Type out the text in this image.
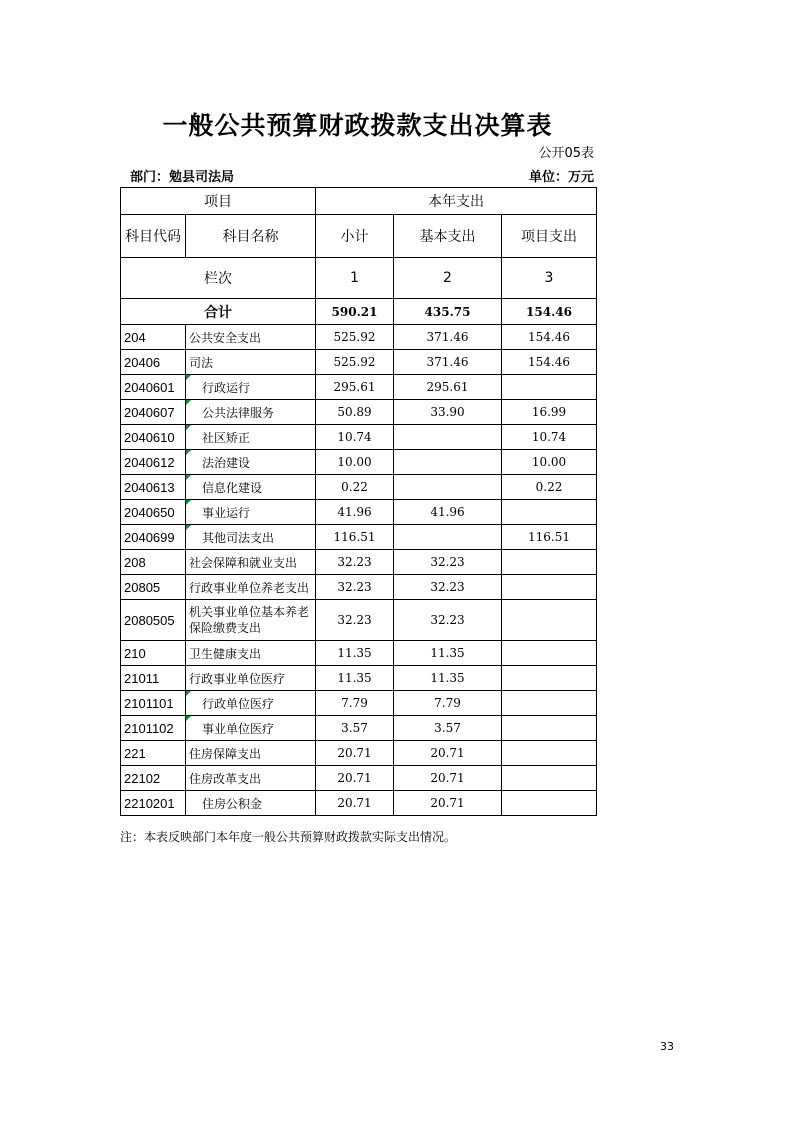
一般公共预算财政拨款支出决算表
公开05表
部门：勉县司法局	单位：万元
项目		本年支出		
科目代码	科目名称	小计	基本支出	项目支出
栏次		1	2	3
合计		590.21	435.75	154.46
204	公共安全支出	525.92	371.46	154.46
20406	司法	525.92	371.46	154.46
2040601	行政运行	295.61	295.61	
2040607	公共法律服务	50.89	33.90	16.99
2040610	社区矫正	10.74		10.74
2040612	法治建设	10.00		10.00
2040613	信息化建设	0.22		0.22
2040650	事业运行	41.96	41.96	
2040699	其他司法支出	116.51		116.51
208	社会保障和就业支出	32.23	32.23	
20805	行政事业单位养老支出	32.23	32.23	
2080505	机关事业单位基本养老保险缴费支出	32.23	32.23	
210	卫生健康支出	11.35	11.35	
21011	行政事业单位医疗	11.35	11.35	
2101101	行政单位医疗	7.79	7.79	
2101102	事业单位医疗	3.57	3.57	
221	住房保障支出	20.71	20.71	
22102	住房改革支出	20.71	20.71	
2210201	住房公积金	20.71	20.71	
注：本表反映部门本年度一般公共预算财政拨款实际支出情况。
33
